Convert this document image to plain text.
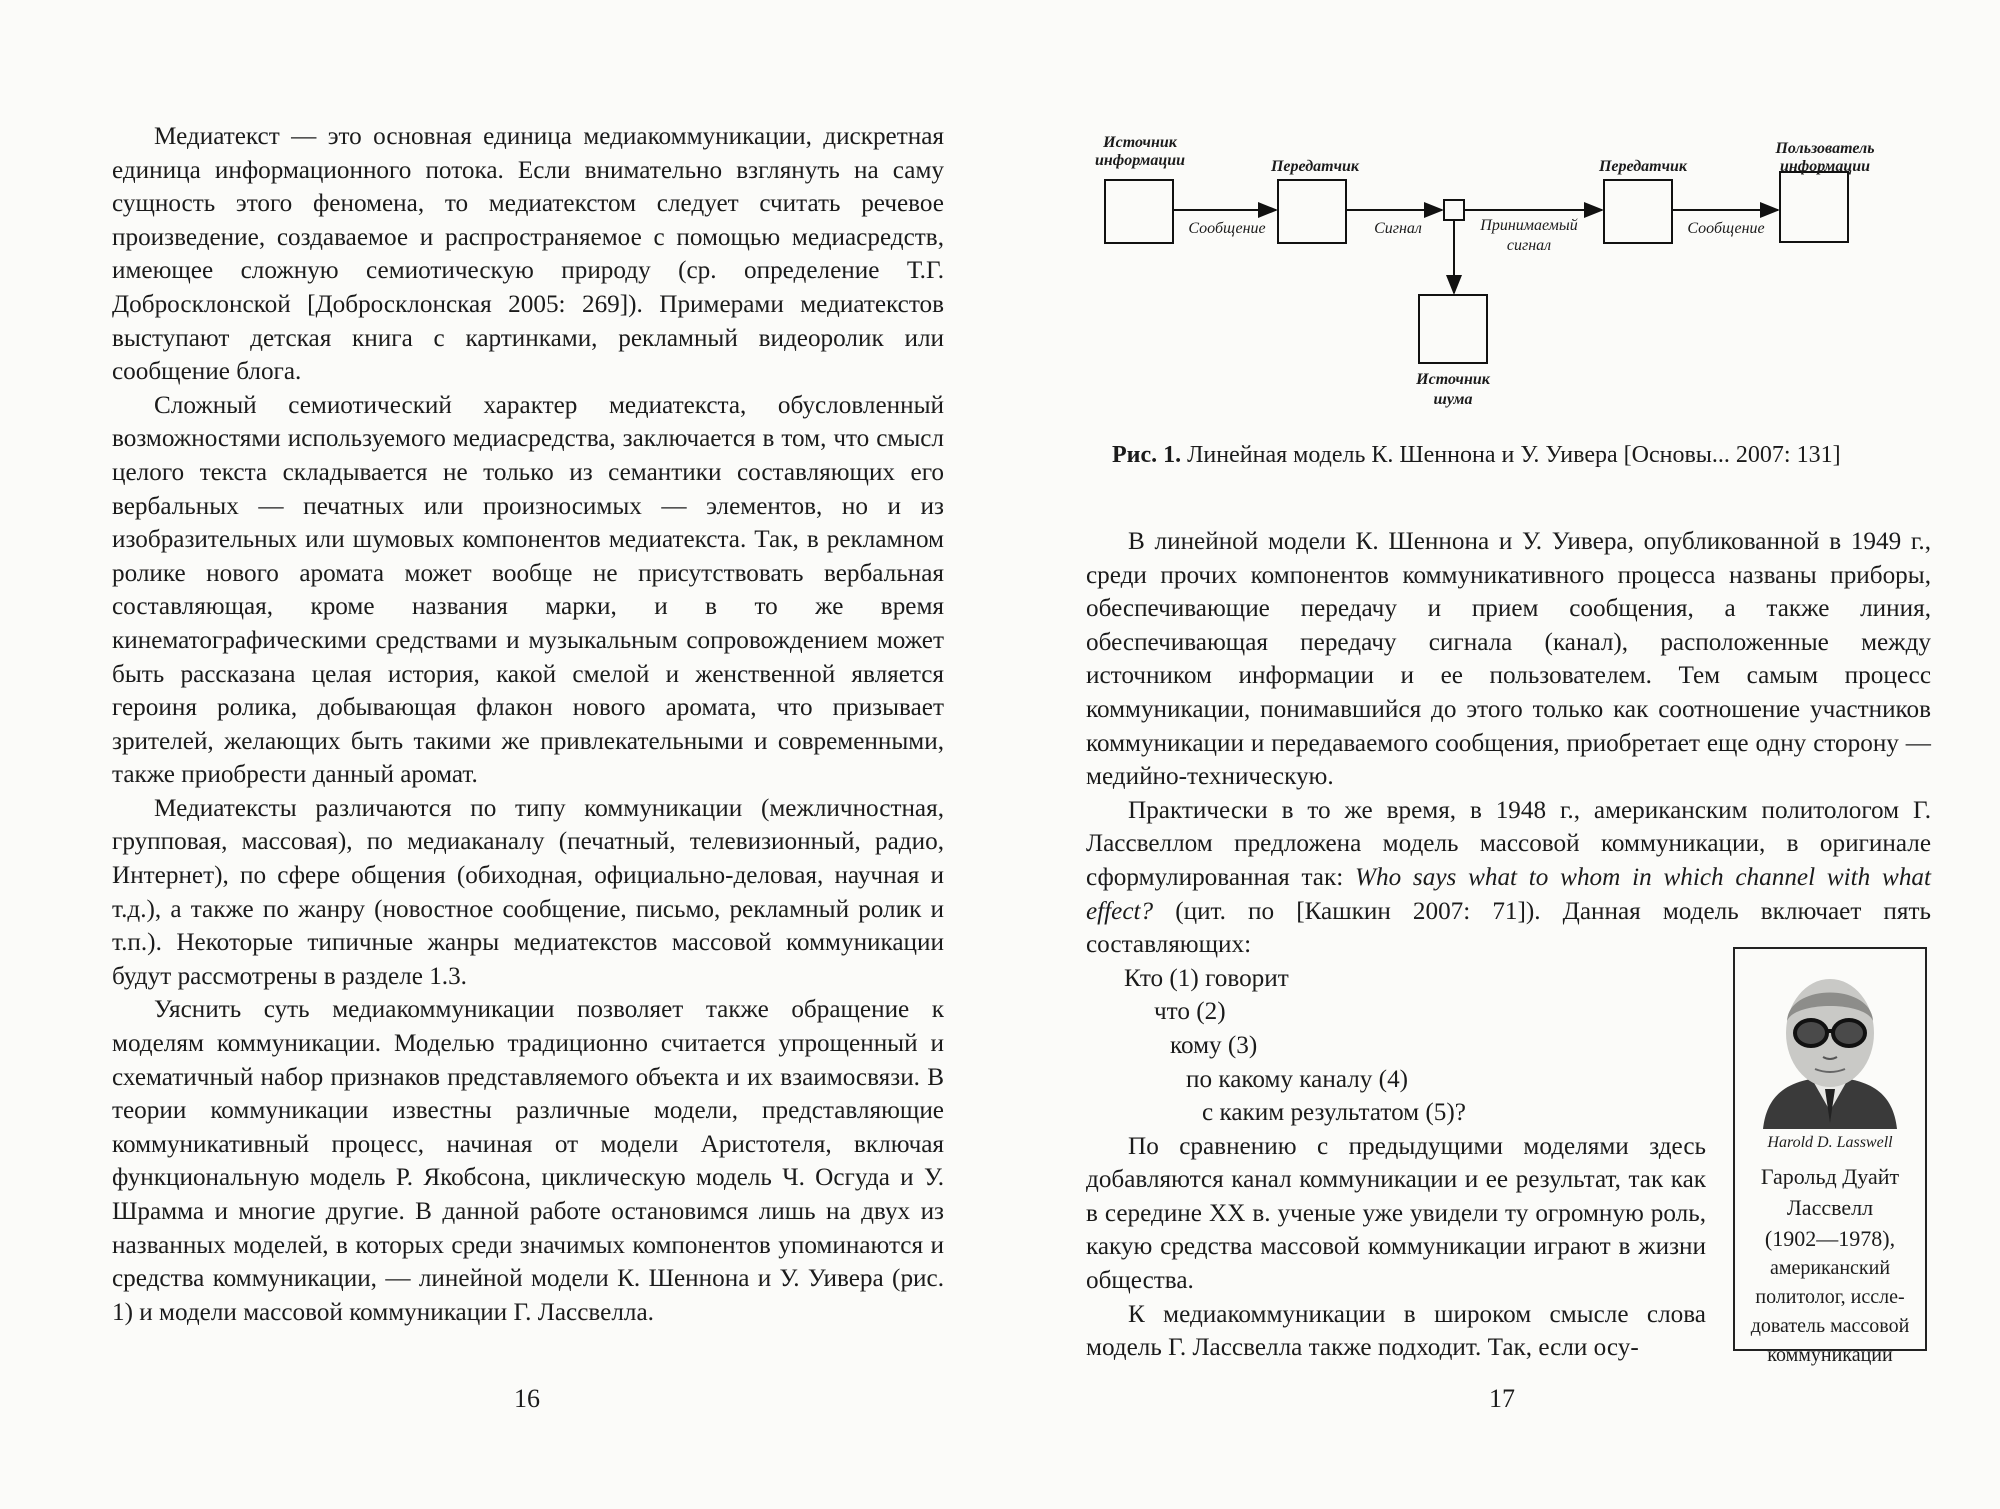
Медиатекст — это основная единица медиакоммуникации, дискретная единица информационного потока. Если внимательно взглянуть на саму сущность этого феномена, то медиатекстом следует считать речевое произведение, создаваемое и распространяемое с помощью медиасредств, имеющее сложную семиотическую природу (ср. определение Т.Г. Добросклонской [Добросклонская 2005: 269]). Примерами медиатекстов выступают детская книга с картинками, рекламный видеоролик или сообщение блога.

Сложный семиотический характер медиатекста, обусловленный возможностями используемого медиасредства, заключается в том, что смысл целого текста складывается не только из семантики составляющих его вербальных — печатных или произносимых — элементов, но и из изобразительных или шумовых компонентов медиатекста. Так, в рекламном ролике нового аромата может вообще не присутствовать вербальная составляющая, кроме названия марки, и в то же время кинематографическими средствами и музыкальным сопровождением может быть рассказана целая история, какой смелой и женственной является героиня ролика, добывающая флакон нового аромата, что призывает зрителей, желающих быть такими же привлекательными и современными, также приобрести данный аромат.

Медиатексты различаются по типу коммуникации (межличностная, групповая, массовая), по медиаканалу (печатный, телевизионный, радио, Интернет), по сфере общения (обиходная, официально-деловая, научная и т.д.), а также по жанру (новостное сообщение, письмо, рекламный ролик и т.п.). Некоторые типичные жанры медиатекстов массовой коммуникации будут рассмотрены в разделе 1.3.

Уяснить суть медиакоммуникации позволяет также обращение к моделям коммуникации. Моделью традиционно считается упрощенный и схематичный набор признаков представляемого объекта и их взаимосвязи. В теории коммуникации известны различные модели, представляющие коммуникативный процесс, начиная от модели Аристотеля, включая функциональную модель Р. Якобсона, циклическую модель Ч. Осгуда и У. Шрамма и многие другие. В данной работе остановимся лишь на двух из названных моделей, в которых среди значимых компонентов упоминаются и средства коммуникации, — линейной модели К. Шеннона и У. Уивера (рис. 1) и модели массовой коммуникации Г. Лассвелла.

16
Источник информации	Передатчик	Передатчик
Пользователь информации
Сообщение	Сигнал	Принимаемый сигнал
Сообщение
Источник шума
Рис. 1. Линейная модель К. Шеннона и У. Уивера [Основы... 2007: 131]

В линейной модели К. Шеннона и У. Уивера, опубликованной в 1949 г., среди прочих компонентов коммуникативного процесса названы приборы, обеспечивающие передачу и прием сообщения, а также линия, обеспечивающая передачу сигнала (канал), расположенные между источником информации и ее пользователем. Тем самым процесс коммуникации, понимавшийся до этого только как соотношение участников коммуникации и передаваемого сообщения, приобретает еще одну сторону — медийно-техническую.

Практически в то же время, в 1948 г., американским политологом Г. Лассвеллом предложена модель массовой коммуникации, в оригинале сформулированная так: Who says what to whom in which channel with what effect? (цит. по [Кашкин 2007: 71]). Данная модель включает пять составляющих:

Кто (1) говорит

что (2)

кому (3)

по какому каналу (4)

с каким результатом (5)?

По сравнению с предыдущими моделями здесь добавляются канал коммуникации и ее результат, так как в середине XX в. ученые уже увидели ту огромную роль, какую средства массовой коммуникации играют в жизни общества.

К медиакоммуникации в широком смысле слова модель Г. Лассвелла также подходит. Так, если осу-

17
Harold D. Lasswell
Гарольд Дуайт
Лассвелл
(1902—1978),
американский
политолог, иссле-
дователь массовой
коммуникации
